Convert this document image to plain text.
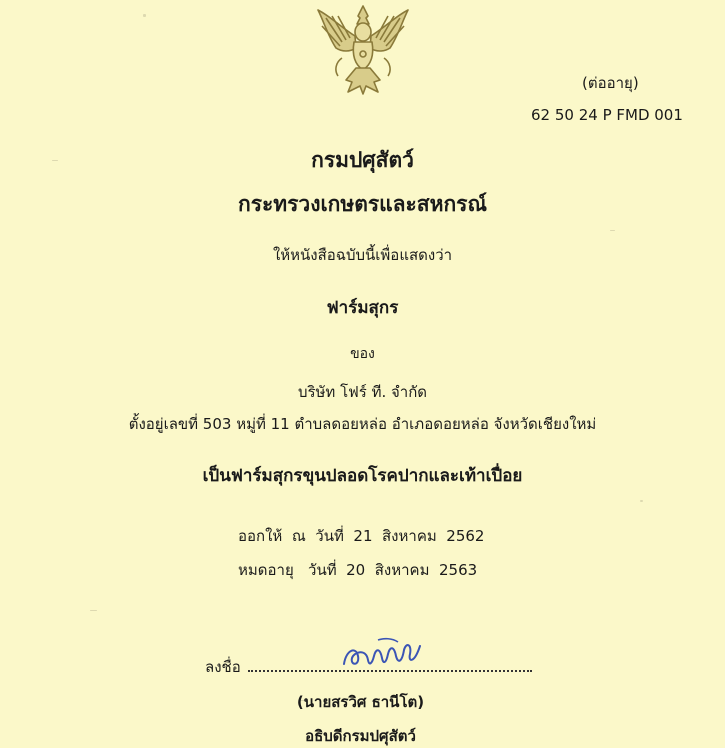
(ต่ออายุ)
62 50 24 P FMD 001
กรมปศุสัตว์
กระทรวงเกษตรและสหกรณ์
ให้หนังสือฉบับนี้เพื่อแสดงว่า
ฟาร์มสุกร
ของ
บริษัท โฟร์ ที. จำกัด
ตั้งอยู่เลขที่ 503 หมู่ที่ 11 ตำบลดอยหล่อ อำเภอดอยหล่อ จังหวัดเชียงใหม่
เป็นฟาร์มสุกรขุนปลอดโรคปากและเท้าเปื่อย
ออกให้  ณ  วันที่  21  สิงหาคม  2562
หมดอายุ   วันที่  20  สิงหาคม  2563
ลงชื่อ
(นายสรวิศ ธานีโต)
อธิบดีกรมปศุสัตว์
